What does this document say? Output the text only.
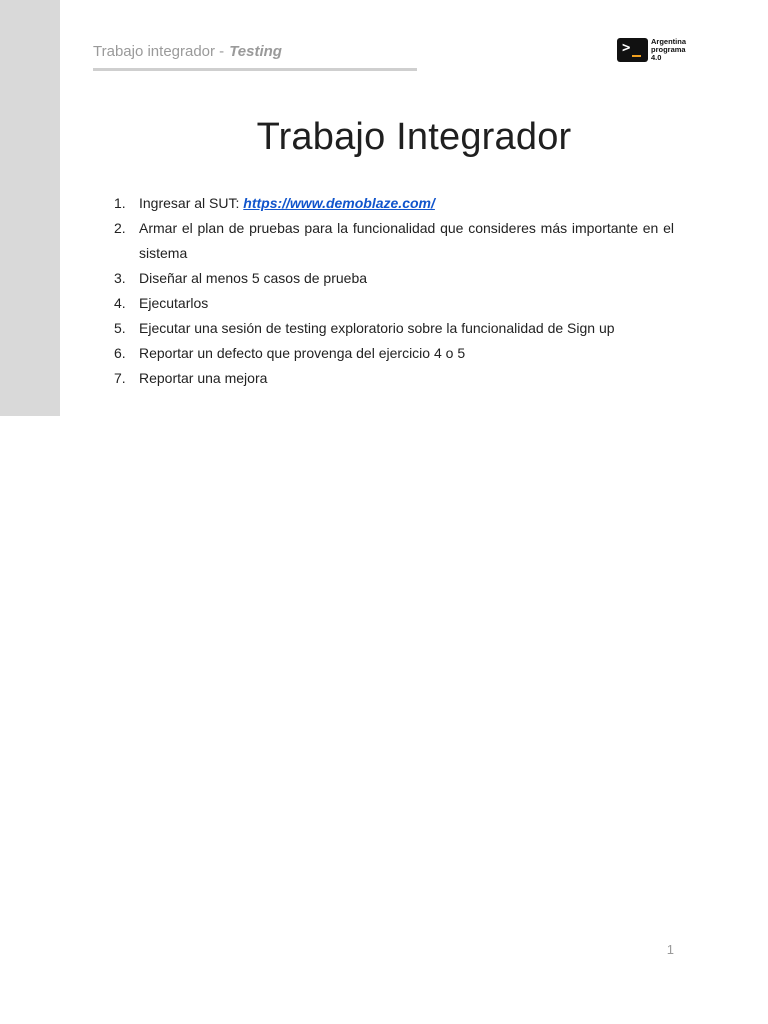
Trabajo integrador - Testing	>	Argentina
programa
4.0
Trabajo Integrador
1. Ingresar al SUT: https://www.demoblaze.com/
2. Armar el plan de pruebas para la funcionalidad que consideres más importante en el sistema
3. Diseñar al menos 5 casos de prueba
4. Ejecutarlos
5. Ejecutar una sesión de testing exploratorio sobre la funcionalidad de Sign up
6. Reportar un defecto que provenga del ejercicio 4 o 5
7. Reportar una mejora
1
